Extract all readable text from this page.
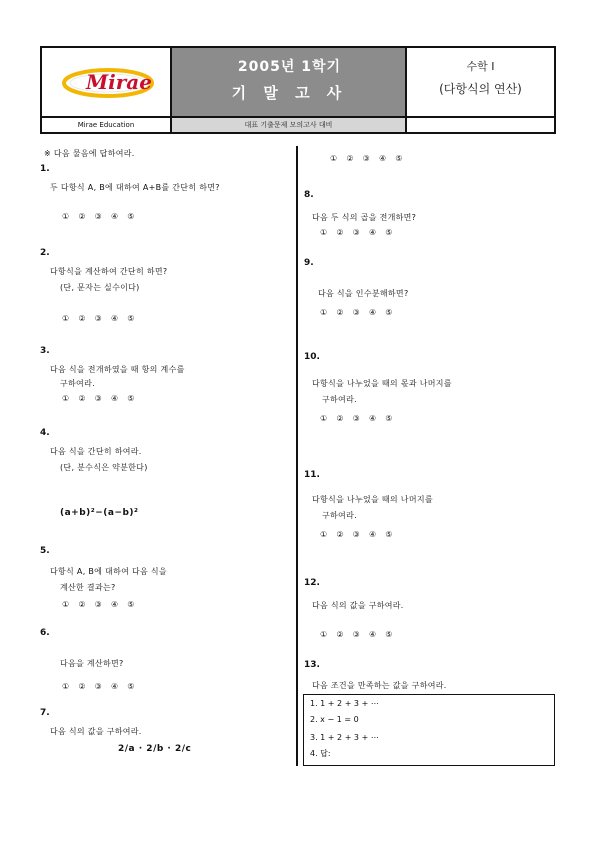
Mirae
2005년 1학기
기 말 고 사
수학 I
(다항식의 연산)
Mirae Education	대표 기출문제 모의고사 대비
※ 다음 물음에 답하여라.
1.
두 다항식 A, B에 대하여 A+B를 간단히 하면?
① ② ③ ④ ⑤
2.
다항식을 계산하여 간단히 하면?
(단, 문자는 실수이다)
① ② ③ ④ ⑤
3.
다음 식을 전개하였을 때 항의 계수를
구하여라.
① ② ③ ④ ⑤
4.
다음 식을 간단히 하여라.
(단, 분수식은 약분한다)
(a+b)²−(a−b)²
5.
다항식 A, B에 대하여 다음 식을
계산한 결과는?
① ② ③ ④ ⑤
6.
다음을 계산하면?
① ② ③ ④ ⑤
7.
다음 식의 값을 구하여라.
2/a · 2/b · 2/c
① ② ③ ④ ⑤
8.
다음 두 식의 곱을 전개하면?
① ② ③ ④ ⑤
9.
다음 식을 인수분해하면?
① ② ③ ④ ⑤
10.
다항식을 나누었을 때의 몫과 나머지를
구하여라.
① ② ③ ④ ⑤
11.
다항식을 나누었을 때의 나머지를
구하여라.
① ② ③ ④ ⑤
12.
다음 식의 값을 구하여라.
① ② ③ ④ ⑤
13.
다음 조건을 만족하는 값을 구하여라.
1. 1 + 2 + 3 + ⋯
2. x − 1 = 0
3. 1 + 2 + 3 + ⋯
4. 답:
